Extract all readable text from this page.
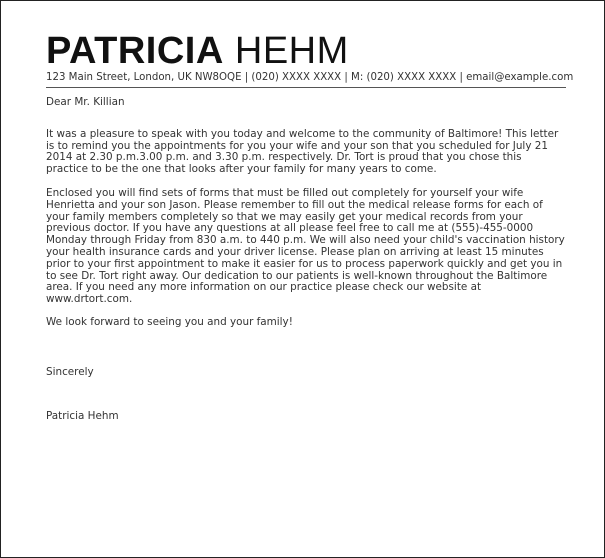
PATRICIA HEHM
123 Main Street, London, UK NW8OQE | (020) XXXX XXXX | M: (020) XXXX XXXX | email@example.com

Dear Mr. Killian

It was a pleasure to speak with you today and welcome to the community of Baltimore! This letter is to remind you the appointments for you your wife and your son that you scheduled for July 21 2014 at 2.30 p.m.3.00 p.m. and 3.30 p.m. respectively. Dr. Tort is proud that you chose this practice to be the one that looks after your family for many years to come.

Enclosed you will find sets of forms that must be filled out completely for yourself your wife Henrietta and your son Jason. Please remember to fill out the medical release forms for each of your family members completely so that we may easily get your medical records from your previous doctor. If you have any questions at all please feel free to call me at (555)-455-0000 Monday through Friday from 830 a.m. to 440 p.m. We will also need your child's vaccination history your health insurance cards and your driver license. Please plan on arriving at least 15 minutes prior to your first appointment to make it easier for us to process paperwork quickly and get you in to see Dr. Tort right away. Our dedication to our patients is well-known throughout the Baltimore area. If you need any more information on our practice please check our website at www.drtort.com.

We look forward to seeing you and your family!

Sincerely

Patricia Hehm
